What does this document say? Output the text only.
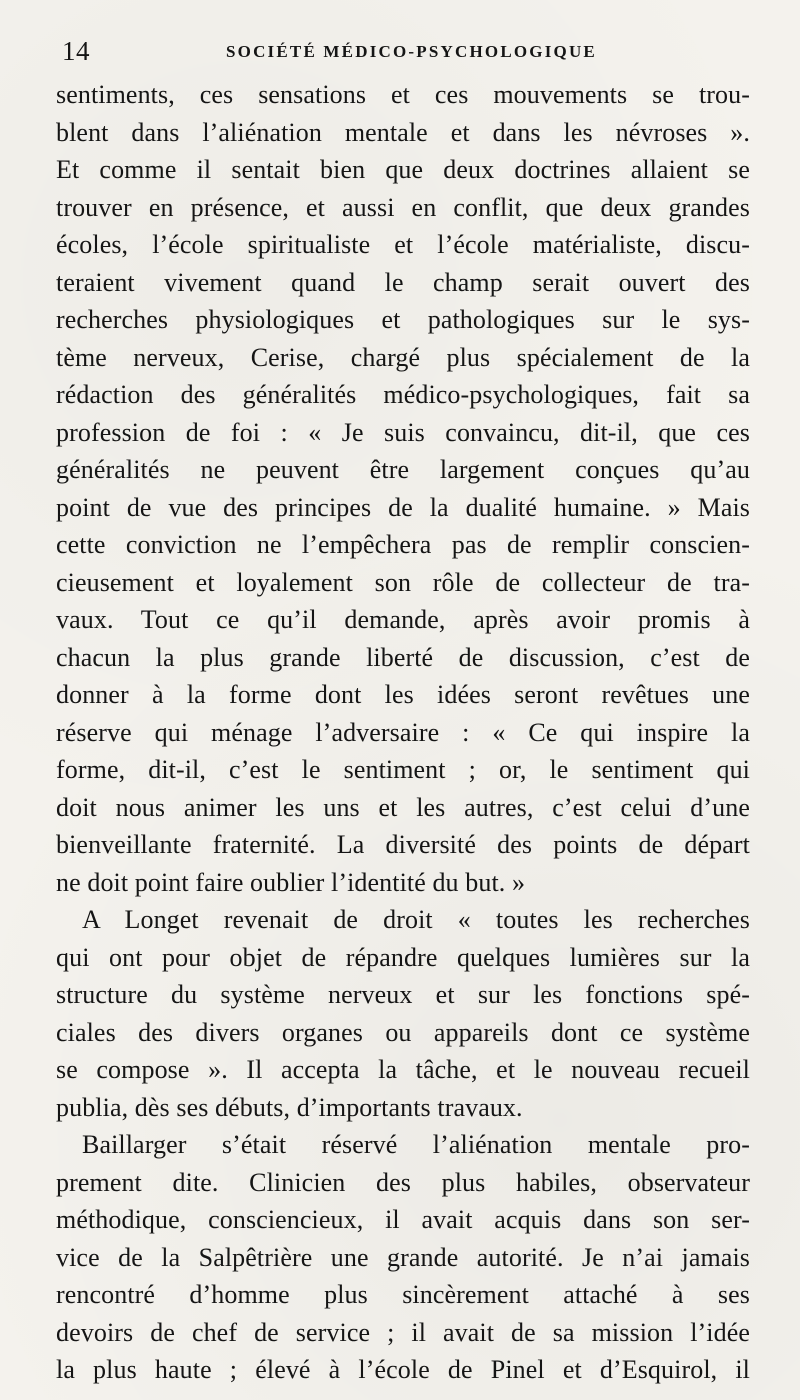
14	SOCIÉTÉ MÉDICO-PSYCHOLOGIQUE
sentiments, ces sensations et ces mouvements se trou-
blent dans l’aliénation mentale et dans les névroses ».
Et comme il sentait bien que deux doctrines allaient se
trouver en présence, et aussi en conflit, que deux grandes
écoles, l’école spiritualiste et l’école matérialiste, discu-
teraient vivement quand le champ serait ouvert des
recherches physiologiques et pathologiques sur le sys-
tème nerveux, Cerise, chargé plus spécialement de la
rédaction des généralités médico-psychologiques, fait sa
profession de foi : « Je suis convaincu, dit-il, que ces
généralités ne peuvent être largement conçues qu’au
point de vue des principes de la dualité humaine. » Mais
cette conviction ne l’empêchera pas de remplir conscien-
cieusement et loyalement son rôle de collecteur de tra-
vaux. Tout ce qu’il demande, après avoir promis à
chacun la plus grande liberté de discussion, c’est de
donner à la forme dont les idées seront revêtues une
réserve qui ménage l’adversaire : « Ce qui inspire la
forme, dit-il, c’est le sentiment ; or, le sentiment qui
doit nous animer les uns et les autres, c’est celui d’une
bienveillante fraternité. La diversité des points de départ
ne doit point faire oublier l’identité du but. »
A Longet revenait de droit « toutes les recherches
qui ont pour objet de répandre quelques lumières sur la
structure du système nerveux et sur les fonctions spé-
ciales des divers organes ou appareils dont ce système
se compose ». Il accepta la tâche, et le nouveau recueil
publia, dès ses débuts, d’importants travaux.
Baillarger s’était réservé l’aliénation mentale pro-
prement dite. Clinicien des plus habiles, observateur
méthodique, consciencieux, il avait acquis dans son ser-
vice de la Salpêtrière une grande autorité. Je n’ai jamais
rencontré d’homme plus sincèrement attaché à ses
devoirs de chef de service ; il avait de sa mission l’idée
la plus haute ; élevé à l’école de Pinel et d’Esquirol, il
